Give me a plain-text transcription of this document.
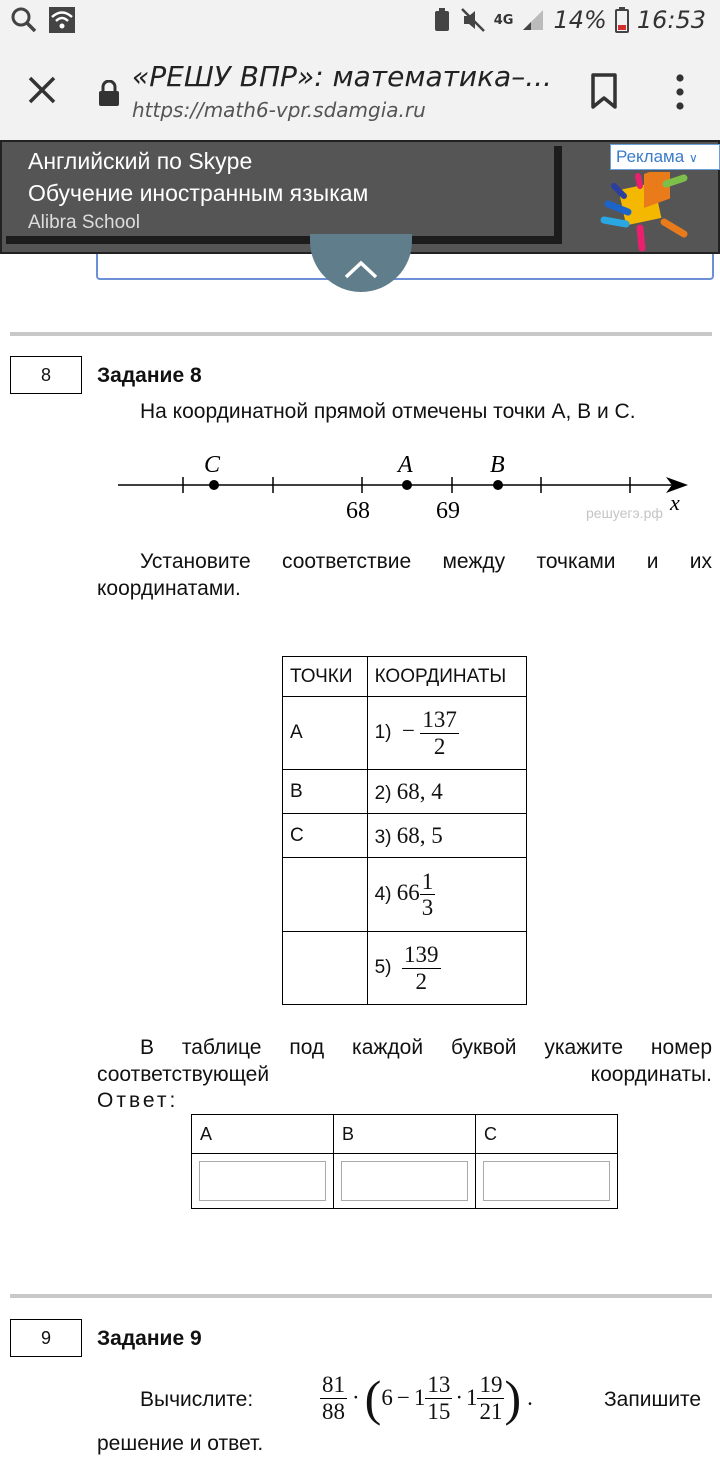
4G 14% 16:53
«РЕШУ ВПР»: математика–...
https://math6-vpr.sdamgia.ru
Английский по Skype
Обучение иностранным языкам
Alibra School
Реклама ∨
8	Задание 8
На координатной прямой отмечены точки A, B и C.
C	A	B
68	69	x
решуегэ.рф
Установите соответствие между точками и их координатами.
ТОЧКИ	КООРДИНАТЫ
A	$1) - \frac{137}{2}$

B	2) 68, 4
C	3) 68, 5
	4) $66 \frac{1}{3}$

	$5) \frac{139}{2}$
В таблице под каждой буквой укажите номер соответствующей координаты.
Ответ:
A	B	C

9	Задание 9
Вычислите:	$\frac{81}{88}$ · ( $6 - 1 \frac{13}{15} \cdot 1 \frac{19}{21}$ ) .	Запишите
решение и ответ.
